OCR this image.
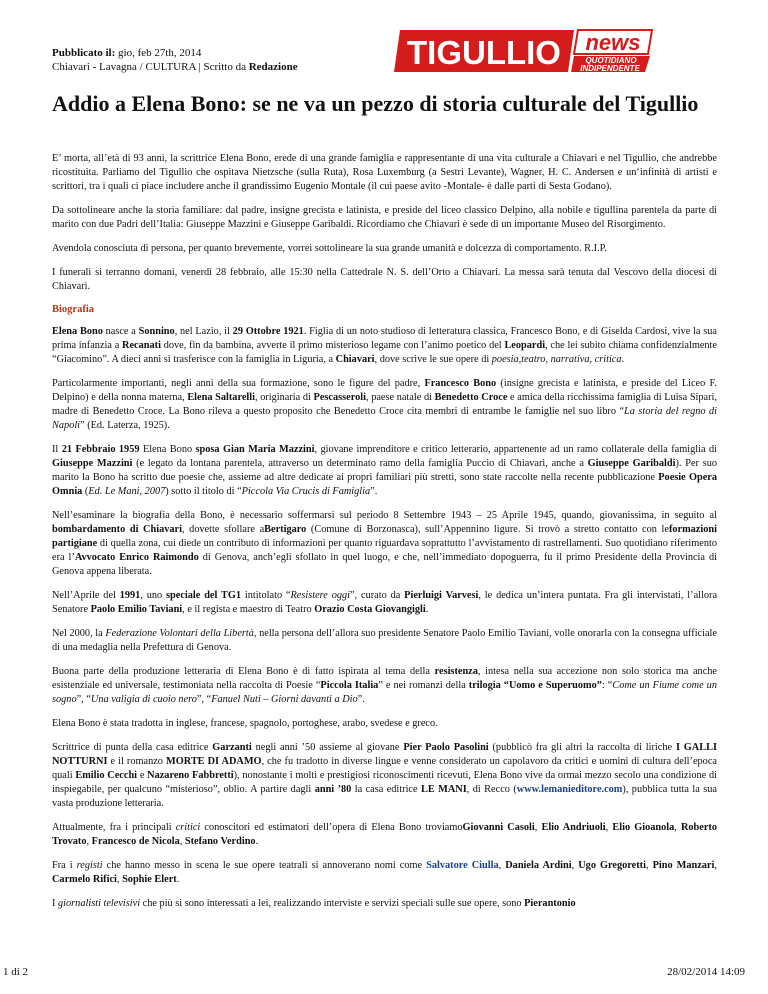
Pubblicato il: gio, feb 27th, 2014
Chiavari - Lavagna / CULTURA | Scritto da Redazione	TIGULLIO news
QUOTIDIANO
INDIPENDENTE
Addio a Elena Bono: se ne va un pezzo di storia culturale del Tigullio

E’ morta, all’età di 93 anni, la scrittrice Elena Bono, erede di una grande famiglia e rappresentante di una vita culturale a Chiavari e nel Tigullio, che andrebbe ricostituita. Parliamo del Tigullio che ospitava Nietzsche (sulla Ruta), Rosa Luxemburg (a Sestri Levante), Wagner, H. C. Andersen e un‘infinità di artisti e scrittori, tra i quali ci piace includere anche il grandissimo Eugenio Montale (il cui paese avito -Montale- è dalle parti di Sesta Godano).

Da sottolineare anche la storia familiare: dal padre, insigne grecista e latinista, e preside del liceo classico Delpino, alla nobile e tigullina parentela da parte di marito con due Padri dell’Italia: Giuseppe Mazzini e Giuseppe Garibaldi. Ricordiamo che Chiavari è sede di un importante Museo del Risorgimento.

Avendola conosciuta di persona, per quanto brevemente, vorrei sottolineare la sua grande umanità e dolcezza di comportamento. R.I.P.

I funerali si terranno domani, venerdì 28 febbraio, alle 15:30 nella Cattedrale N. S. dell’Orto a Chiavari. La messa sarà tenuta dal Vescovo della diocesi di Chiavari.

Biografia

Elena Bono nasce a Sonnino, nel Lazio, il 29 Ottobre 1921. Figlia di un noto studioso di letteratura classica, Francesco Bono, e di Giselda Cardosi, vive la sua prima infanzia a Recanati dove, fin da bambina, avverte il primo misterioso legame con l’animo poetico del Leopardi, che lei subito chiama confidenzialmente “Giacomino”. A dieci anni si trasferisce con la famiglia in Liguria, a Chiavari, dove scrive le sue opere di poesia,teatro, narrativa, critica.

Particolarmente importanti, negli anni della sua formazione, sono le figure del padre, Francesco Bono (insigne grecista e latinista, e preside del Liceo F. Delpino) e della nonna materna, Elena Saltarelli, originaria di Pescasseroli, paese natale di Benedetto Croce e amica della ricchissima famiglia di Luisa Sipari, madre di Benedetto Croce. La Bono rileva a questo proposito che Benedetto Croce cita membri di entrambe le famiglie nel suo libro “La storia del regno di Napoli” (Ed. Laterza, 1925).

Il 21 Febbraio 1959 Elena Bono sposa Gian Maria Mazzini, giovane imprenditore e critico letterario, appartenente ad un ramo collaterale della famiglia di Giuseppe Mazzini (e legato da lontana parentela, attraverso un determinato ramo della famiglia Puccio di Chiavari, anche a Giuseppe Garibaldi). Per suo marito la Bono ha scritto due poesie che, assieme ad altre dedicate ai propri familiari più stretti, sono state raccolte nella recente pubblicazione Poesie Opera Omnia (Ed. Le Mani, 2007) sotto il titolo di “Piccola Via Crucis di Famiglia”.

Nell’esaminare la biografia della Bono, è necessario soffermarsi sul periodo 8 Settembre 1943 – 25 Aprile 1945, quando, giovanissima, in seguito al bombardamento di Chiavari, dovette sfollare aBertigaro (Comune di Borzonasca), sull’Appennino ligure. Si trovò a stretto contatto con leformazioni partigiane di quella zona, cui diede un contributo di informazioni per quanto riguardava soprattutto l’avvistamento di rastrellamenti. Suo quotidiano riferimento era l’Avvocato Enrico Raimondo di Genova, anch’egli sfollato in quel luogo, e che, nell’immediato dopoguerra, fu il primo Presidente della Provincia di Genova appena liberata.

Nell’Aprile del 1991, uno speciale del TG1 intitolato “Resistere oggi”, curato da Pierluigi Varvesi, le dedica un’intera puntata. Fra gli intervistati, l’allora Senatore Paolo Emilio Taviani, e il regista e maestro di Teatro Orazio Costa Giovangigli.

Nel 2000, la Federazione Volontari della Libertà, nella persona dell’allora suo presidente Senatore Paolo Emilio Taviani, volle onorarla con la consegna ufficiale di una medaglia nella Prefettura di Genova.

Buona parte della produzione letteraria di Elena Bono è di fatto ispirata al tema della resistenza, intesa nella sua accezione non solo storica ma anche esistenziale ed universale, testimoniata nella raccolta di Poesie “Piccola Italia” e nei romanzi della trilogia “Uomo e Superuomo”: “Come un Fiume come un sogno”, “Una valigia di cuoio nero”, “Fanuel Nuti – Giorni davanti a Dio”.

Elena Bono è stata tradotta in inglese, francese, spagnolo, portoghese, arabo, svedese e greco.

Scrittrice di punta della casa editrice Garzanti negli anni ’50 assieme al giovane Pier Paolo Pasolini (pubblicò fra gli altri la raccolta di liriche I GALLI NOTTURNI e il romanzo MORTE DI ADAMO, che fu tradotto in diverse lingue e venne considerato un capolavoro da critici e uomini di cultura dell’epoca quali Emilio Cecchi e Nazareno Fabbretti), nonostante i molti e prestigiosi riconoscimenti ricevuti, Elena Bono vive da ormai mezzo secolo una condizione di inspiegabile, per qualcuno “misterioso”, oblio. A partire dagli anni ’80 la casa editrice LE MANI, di Recco (www.lemanieditore.com), pubblica tutta la sua vasta produzione letteraria.

Attualmente, fra i principali critici conoscitori ed estimatori dell’opera di Elena Bono troviamoGiovanni Casoli, Elio Andriuoli, Elio Gioanola, Roberto Trovato, Francesco de Nicola, Stefano Verdino.

Fra i registi che hanno messo in scena le sue opere teatrali si annoverano nomi come Salvatore Ciulla, Daniela Ardini, Ugo Gregoretti, Pino Manzari, Carmelo Rifici, Sophie Elert.

I giornalisti televisivi che più si sono interessati a lei, realizzando interviste e servizi speciali sulle sue opere, sono Pierantonio

1 di 2	28/02/2014 14:09
